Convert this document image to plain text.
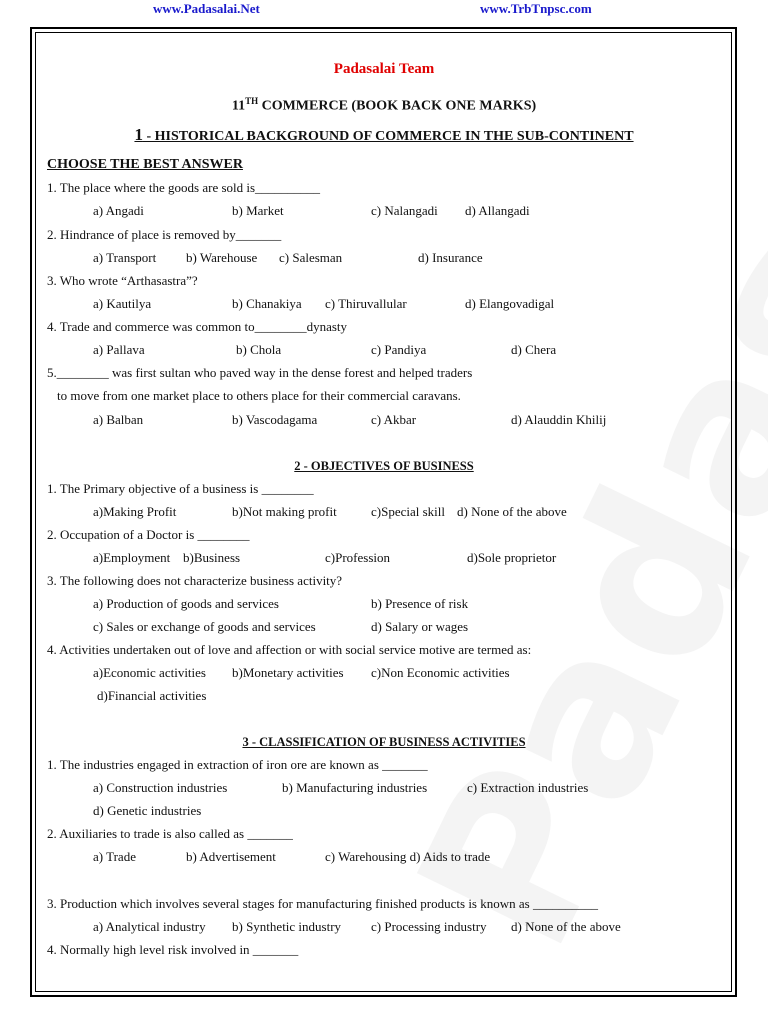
www.Padasalai.Net	www.TrbTnpsc.com
Padasalai Team
11TH COMMERCE (BOOK BACK ONE MARKS)
1 - HISTORICAL BACKGROUND OF COMMERCE IN THE SUB-CONTINENT
CHOOSE THE BEST ANSWER
1. The place where the goods are sold is__________
a) Angadi	b) Market	c) Nalangadi d) Allangadi
2. Hindrance of place is removed by_______
a) Transport b) Warehouse c) Salesman	d) Insurance
3. Who wrote “Arthasastra”?
a) Kautilya	b) Chanakiya c) Thiruvallular	d) Elangovadigal
4. Trade and commerce was common to________dynasty
a) Pallava	b) Chola	c) Pandiya	d) Chera
5.________ was first sultan who paved way in the dense forest and helped traders
to move from one market place to others place for their commercial caravans.
a) Balban	b) Vascodagama	c) Akbar	d) Alauddin Khilij
2 - OBJECTIVES OF BUSINESS
1. The Primary objective of a business is ________
a)Making Profit	b)Not making profit	c)Special skill d) None of the above
2. Occupation of a Doctor is ________
a)Employment b)Business	c)Profession	d)Sole proprietor
3. The following does not characterize business activity?
a) Production of goods and services	b) Presence of risk
c) Sales or exchange of goods and services	d) Salary or wages
4. Activities undertaken out of love and affection or with social service motive are termed as:
a)Economic activities b)Monetary activities c)Non Economic activities
d)Financial activities
3 - CLASSIFICATION OF BUSINESS ACTIVITIES
1. The industries engaged in extraction of iron ore are known as _______
a) Construction industries	b) Manufacturing industries	c) Extraction industries
d) Genetic industries
2. Auxiliaries to trade is also called as _______
a) Trade	b) Advertisement	c) Warehousing d) Aids to trade
3. Production which involves several stages for manufacturing finished products is known as __________
a) Analytical industry b) Synthetic industry c) Processing industry d) None of the above
4. Normally high level risk involved in _______
